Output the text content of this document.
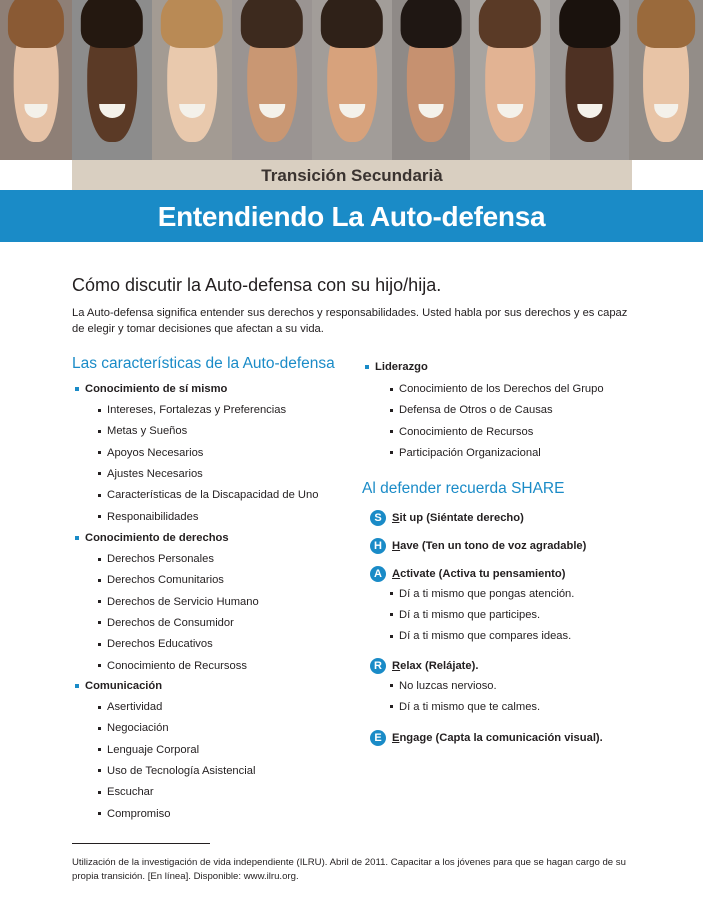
Transición Secundarià
Entendiendo La Auto-defensa
Cómo discutir la Auto-defensa con su hijo/hija.
La Auto-defensa significa entender sus derechos y responsabilidades. Usted habla por sus derechos y es capaz de elegir y tomar decisiones que afectan a su vida.
Las características de la Auto-defensa
Conocimiento de sí mismo
Intereses, Fortalezas y Preferencias
Metas y Sueños
Apoyos Necesarios
Ajustes Necesarios
Características de la Discapacidad de Uno
Responaibilidades
Conocimiento de derechos
Derechos Personales
Derechos Comunitarios
Derechos de Servicio Humano
Derechos de Consumidor
Derechos Educativos
Conocimiento de Recursoss
Comunicación
Asertividad
Negociación
Lenguaje Corporal
Uso de Tecnología Asistencial
Escuchar
Compromiso
Liderazgo
Conocimiento de los Derechos del Grupo
Defensa de Otros o de Causas
Conocimiento de Recursos
Participación Organizacional
Al defender recuerda SHARE
S Sit up (Siéntate derecho)
H Have (Ten un tono de voz agradable)
A Activate (Activa tu pensamiento)
Dí a ti mismo que pongas atención.
Dí a ti mismo que participes.
Dí a ti mismo que compares ideas.
R Relax (Relájate).
No luzcas nervioso.
Dí a ti mismo que te calmes.
E Engage (Capta la comunicación visual).
Utilización de la investigación de vida independiente (ILRU). Abril de 2011. Capacitar a los jóvenes para que se hagan cargo de su propia transición. [En línea]. Disponible: www.ilru.org.
